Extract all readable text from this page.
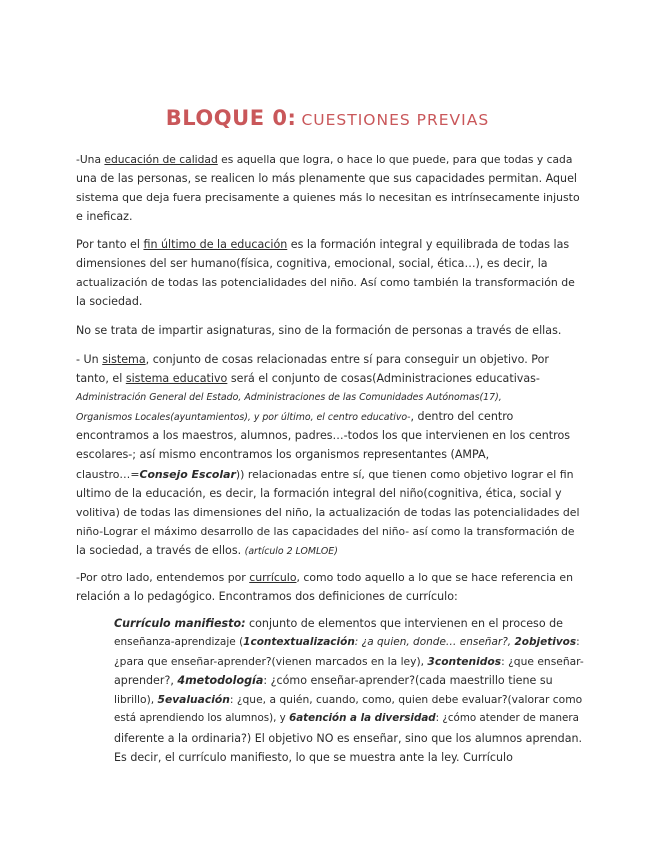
BLOQUE 0: CUESTIONES PREVIAS
-Una educación de calidad es aquella que logra, o hace lo que puede, para que todas y cada
una de las personas, se realicen lo más plenamente que sus capacidades permitan. Aquel
sistema que deja fuera precisamente a quienes más lo necesitan es intrínsecamente injusto
e ineficaz.
Por tanto el fin último de la educación es la formación integral y equilibrada de todas las
dimensiones del ser humano(física, cognitiva, emocional, social, ética…), es decir, la
actualización de todas las potencialidades del niño. Así como también la transformación de
la sociedad.
No se trata de impartir asignaturas, sino de la formación de personas a través de ellas.
- Un sistema, conjunto de cosas relacionadas entre sí para conseguir un objetivo. Por
tanto, el sistema educativo será el conjunto de cosas(Administraciones educativas-
Administración General del Estado, Administraciones de las Comunidades Autónomas(17),
Organismos Locales(ayuntamientos), y por último, el centro educativo-, dentro del centro
encontramos a los maestros, alumnos, padres…-todos los que intervienen en los centros
escolares-; así mismo encontramos los organismos representantes (AMPA,
claustro…=Consejo Escolar)) relacionadas entre sí, que tienen como objetivo lograr el fin
ultimo de la educación, es decir, la formación integral del niño(cognitiva, ética, social y
volitiva) de todas las dimensiones del niño, la actualización de todas las potencialidades del
niño-Lograr el máximo desarrollo de las capacidades del niño- así como la transformación de
la sociedad, a través de ellos. (artículo 2 LOMLOE)
-Por otro lado, entendemos por currículo, como todo aquello a lo que se hace referencia en
relación a lo pedagógico. Encontramos dos definiciones de currículo:
Currículo manifiesto: conjunto de elementos que intervienen en el proceso de
enseñanza-aprendizaje (1contextualización: ¿a quien, donde… enseñar?, 2objetivos:
¿para que enseñar-aprender?(vienen marcados en la ley), 3contenidos: ¿que enseñar-
aprender?, 4metodología: ¿cómo enseñar-aprender?(cada maestrillo tiene su
librillo), 5evaluación: ¿que, a quién, cuando, como, quien debe evaluar?(valorar como
está aprendiendo los alumnos), y 6atención a la diversidad: ¿cómo atender de manera
diferente a la ordinaria?) El objetivo NO es enseñar, sino que los alumnos aprendan.
Es decir, el currículo manifiesto, lo que se muestra ante la ley. Currículo
